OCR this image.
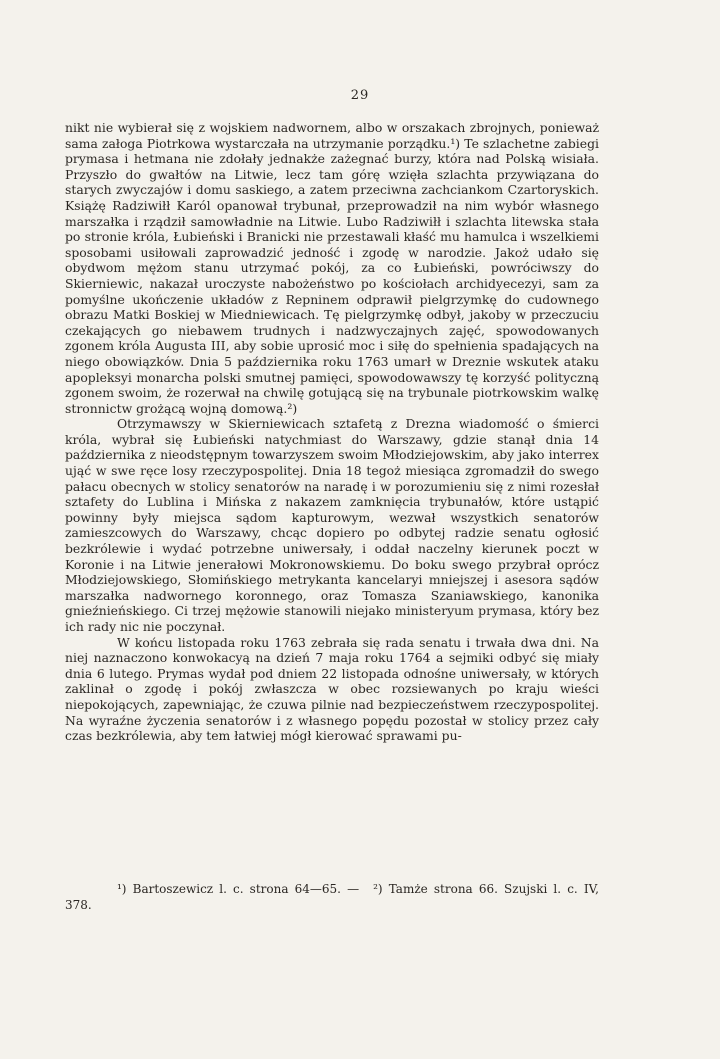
29

nikt nie wybierał się z wojskiem nadwornem, albo w orszakach zbrojnych, ponieważ sama załoga Piotrkowa wystarczała na utrzymanie porządku.¹) Te szlachetne zabiegi prymasa i hetmana nie zdołały jednakże zażegnać burzy, która nad Polską wisiała. Przyszło do gwałtów na Litwie, lecz tam górę wzięła szlachta przywiązana do starych zwyczajów i domu saskiego, a zatem przeciwna zachciankom Czartoryskich. Książę Radziwiłł Karól opanował trybunał, przeprowadził na nim wybór własnego marszałka i rządził samowładnie na Litwie. Lubo Radziwiłł i szlachta litewska stała po stronie króla, Łubieński i Branicki nie przestawali kłaść mu hamulca i wszelkiemi sposobami usiłowali zaprowadzić jedność i zgodę w narodzie. Jakoż udało się obydwom mężom stanu utrzymać pokój, za co Łubieński, powróciwszy do Skierniewic, nakazał uroczyste nabożeństwo po kościołach archidyecezyi, sam za pomyślne ukończenie układów z Repninem odprawił pielgrzymkę do cudownego obrazu Matki Boskiej w Miedniewicach. Tę pielgrzymkę odbył, jakoby w przeczuciu czekających go niebawem trudnych i nadzwyczajnych zajęć, spowodowanych zgonem króla Augusta III, aby sobie uprosić moc i siłę do spełnienia spadających na niego obowiązków. Dnia 5 października roku 1763 umarł w Dreznie wskutek ataku apopleksyi monarcha polski smutnej pamięci, spowodowawszy tę korzyść polityczną zgonem swoim, że rozerwał na chwilę gotującą się na trybunale piotrkowskim walkę stronnictw grożącą wojną domową.²)

Otrzymawszy w Skierniewicach sztafetą z Drezna wiadomość o śmierci króla, wybrał się Łubieński natychmiast do Warszawy, gdzie stanął dnia 14 października z nieodstępnym towarzyszem swoim Młodziejowskim, aby jako interrex ująć w swe ręce losy rzeczypospolitej. Dnia 18 tegoż miesiąca zgromadził do swego pałacu obecnych w stolicy senatorów na naradę i w porozumieniu się z nimi rozesłał sztafety do Lublina i Mińska z nakazem zamknięcia trybunałów, które ustąpić powinny były miejsca sądom kapturowym, wezwał wszystkich senatorów zamieszcowych do Warszawy, chcąc dopiero po odbytej radzie senatu ogłosić bezkrólewie i wydać potrzebne uniwersały, i oddał naczelny kierunek poczt w Koronie i na Litwie jenerałowi Mokronowskiemu. Do boku swego przybrał oprócz Młodziejowskiego, Słomińskiego metrykanta kancelaryi mniejszej i asesora sądów marszałka nadwornego koronnego, oraz Tomasza Szaniawskiego, kanonika gnieźnieńskiego. Ci trzej mężowie stanowili niejako ministeryum prymasa, który bez ich rady nic nie poczynał.

W końcu listopada roku 1763 zebrała się rada senatu i trwała dwa dni. Na niej naznaczono konwokacyą na dzień 7 maja roku 1764 a sejmiki odbyć się miały dnia 6 lutego. Prymas wydał pod dniem 22 listopada odnośne uniwersały, w których zaklinał o zgodę i pokój zwłaszcza w obec rozsiewanych po kraju wieści niepokojących, zapewniając, że czuwa pilnie nad bezpieczeństwem rzeczypospolitej. Na wyraźne życzenia senatorów i z własnego popędu pozostał w stolicy przez cały czas bezkrólewia, aby tem łatwiej mógł kierować sprawami pu-

¹) Bartoszewicz l. c. strona 64—65. — ²) Tamże strona 66. Szujski l. c. IV, 378.
